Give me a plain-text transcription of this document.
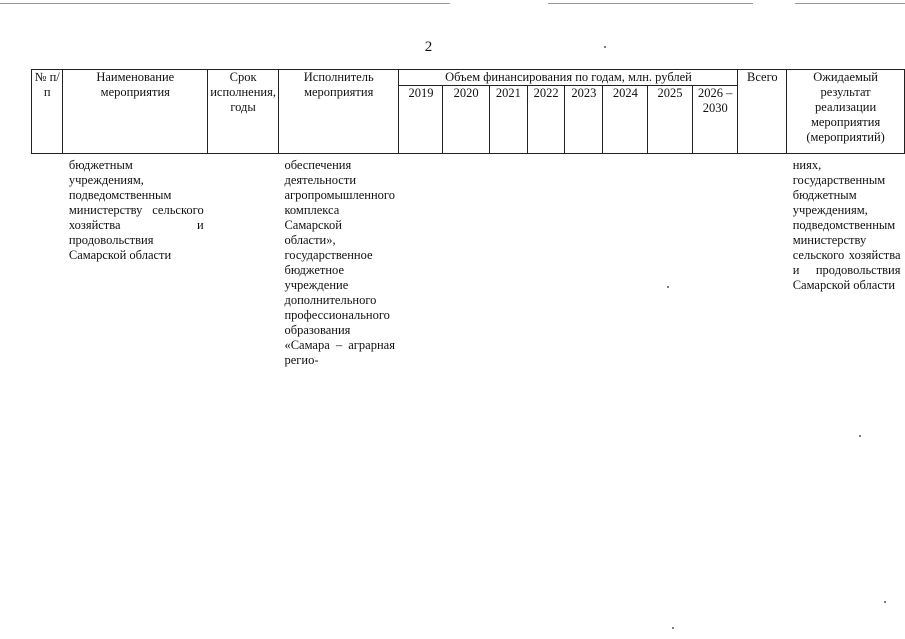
2
№ п/п	Наименование мероприятия	Срок исполнения, годы	Исполнитель мероприятия	Объем финансирования по годам, млн. рублей								Всего	Ожидаемый результат реализации мероприятия (мероприятий)
				2019	2020	2021	2022	2023	2024	2025	2026 – 2030		
	бюджетным учреждениям, подведомственным министерству сельского хозяйства и продовольствия Самарской области		обеспечения деятельности агропромышленного комплекса Самарской области», государственное бюджетное учреждение дополнительного профессионального образования «Самара – аграрная регио-										ниях, государственным бюджетным учреждениям, подведомственным министерству сельского хозяйства и продовольствия Самарской области
